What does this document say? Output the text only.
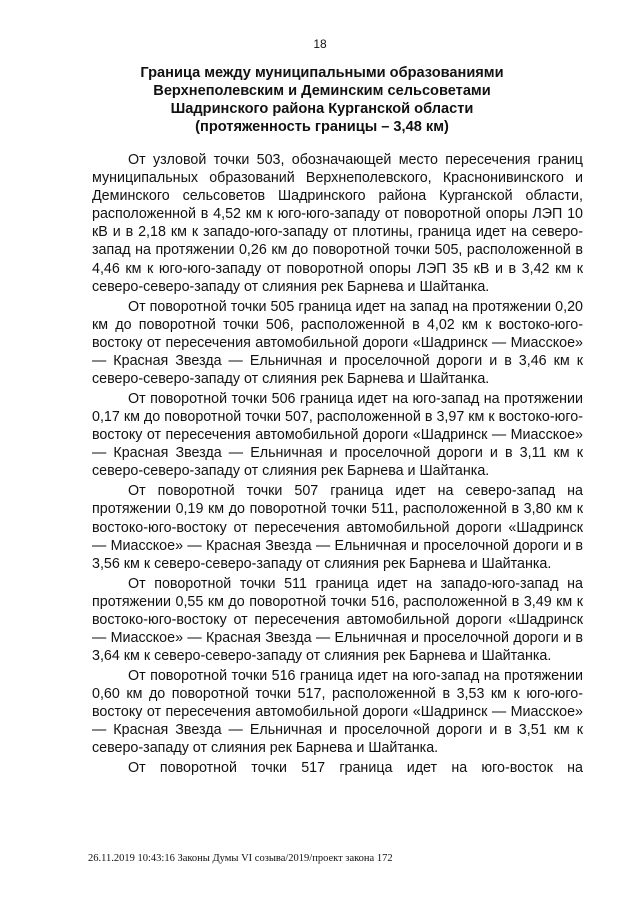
18
Граница между муниципальными образованиями
Верхнеполевским и Деминским сельсоветами
Шадринского района Курганской области
(протяженность границы – 3,48 км)

От узловой точки 503, обозначающей место пересечения границ муниципальных образований Верхнеполевского, Краснонивинского и Деминского сельсоветов Шадринского района Курганской области, расположенной в 4,52 км к юго-юго-западу от поворотной опоры ЛЭП 10 кВ и в 2,18 км к западо-юго-западу от плотины, граница идет на северо-запад на протяжении 0,26 км до поворотной точки 505, расположенной в 4,46 км к юго-юго-западу от поворотной опоры ЛЭП 35 кВ и в 3,42 км к северо-северо-западу от слияния рек Барнева и Шайтанка.

От поворотной точки 505 граница идет на запад на протяжении 0,20 км до поворотной точки 506, расположенной в 4,02 км к востоко-юго-востоку от пересечения автомобильной дороги «Шадринск — Миасское» — Красная Звезда — Ельничная и проселочной дороги и в 3,46 км к северо-северо-западу от слияния рек Барнева и Шайтанка.

От поворотной точки 506 граница идет на юго-запад на протяжении 0,17 км до поворотной точки 507, расположенной в 3,97 км к востоко-юго-востоку от пересечения автомобильной дороги «Шадринск — Миасское» — Красная Звезда — Ельничная и проселочной дороги и в 3,11 км к северо-северо-западу от слияния рек Барнева и Шайтанка.

От поворотной точки 507 граница идет на северо-запад на протяжении 0,19 км до поворотной точки 511, расположенной в 3,80 км к востоко-юго-востоку от пересечения автомобильной дороги «Шадринск — Миасское» — Красная Звезда — Ельничная и проселочной дороги и в 3,56 км к северо-северо-западу от слияния рек Барнева и Шайтанка.

От поворотной точки 511 граница идет на западо-юго-запад на протяжении 0,55 км до поворотной точки 516, расположенной в 3,49 км к востоко-юго-востоку от пересечения автомобильной дороги «Шадринск — Миасское» — Красная Звезда — Ельничная и проселочной дороги и в 3,64 км к северо-северо-западу от слияния рек Барнева и Шайтанка.

От поворотной точки 516 граница идет на юго-запад на протяжении 0,60 км до поворотной точки 517, расположенной в 3,53 км к юго-юго-востоку от пересечения автомобильной дороги «Шадринск — Миасское» — Красная Звезда — Ельничная и проселочной дороги и в 3,51 км к северо-западу от слияния рек Барнева и Шайтанка.

От поворотной точки 517 граница идет на юго-восток на

26.11.2019 10:43:16 Законы Думы VI созыва/2019/проект закона 172
